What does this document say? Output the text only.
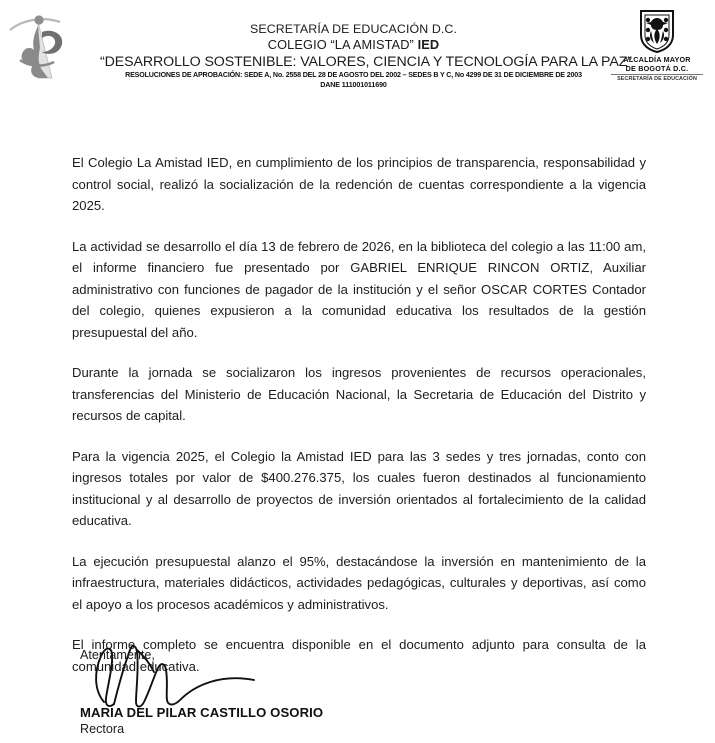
SECRETARÍA DE EDUCACIÓN D.C.
COLEGIO “LA AMISTAD” IED
“DESARROLLO SOSTENIBLE: VALORES, CIENCIA Y TECNOLOGÍA PARA LA PAZ”
RESOLUCIONES DE APROBACIÓN: SEDE A, No. 2558 DEL 28 DE AGOSTO DEL 2002 – SEDES B Y C, No 4299 DE 31 DE DICIEMBRE DE 2003
DANE 111001011690
ALCALDÍA MAYOR
DE BOGOTÁ D.C.
SECRETARÍA DE EDUCACIÓN

El Colegio La Amistad IED, en cumplimiento de los principios de transparencia, responsabilidad y control social, realizó la socialización de la redención de cuentas correspondiente a la vigencia 2025.

La actividad se desarrollo el día 13 de febrero de 2026, en la biblioteca del colegio a las 11:00 am, el informe financiero fue presentado por GABRIEL ENRIQUE RINCON ORTIZ, Auxiliar administrativo con funciones de pagador de la institución y el señor OSCAR CORTES Contador del colegio, quienes expusieron a la comunidad educativa los resultados de la gestión presupuestal del año.

Durante la jornada se socializaron los ingresos provenientes de recursos operacionales, transferencias del Ministerio de Educación Nacional, la Secretaria de Educación del Distrito y recursos de capital.

Para la vigencia 2025, el Colegio la Amistad IED para las 3 sedes y tres jornadas, conto con ingresos totales por valor de $400.276.375, los cuales fueron destinados al funcionamiento institucional y al desarrollo de proyectos de inversión orientados al fortalecimiento de la calidad educativa.

La ejecución presupuestal alanzo el 95%, destacándose la inversión en mantenimiento de la infraestructura, materiales didácticos, actividades pedagógicas, culturales y deportivas, así como el apoyo a los procesos académicos y administrativos.

El informe completo se encuentra disponible en el documento adjunto para consulta de la comunidad educativa.

Atentamente,
MARIA DEL PILAR CASTILLO OSORIO
Rectora
